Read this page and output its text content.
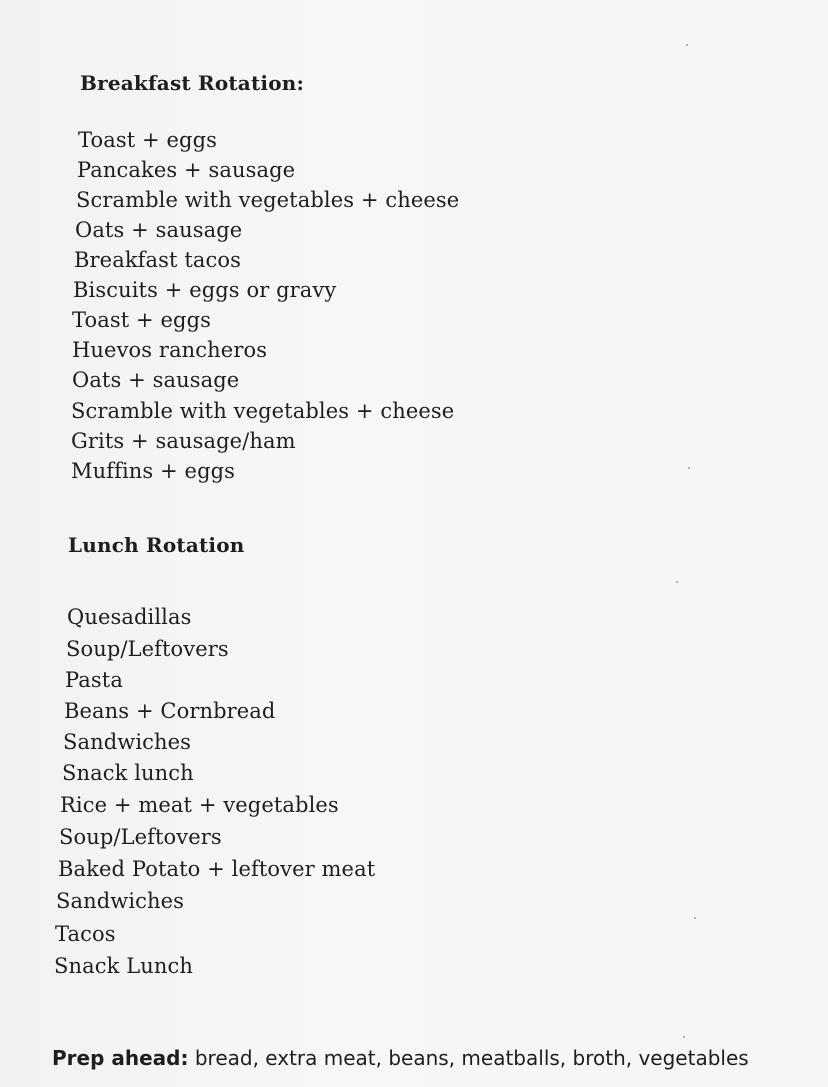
Breakfast Rotation:
Toast + eggs
Pancakes + sausage
Scramble with vegetables + cheese
Oats + sausage
Breakfast tacos
Biscuits + eggs or gravy
Toast + eggs
Huevos rancheros
Oats + sausage
Scramble with vegetables + cheese
Grits + sausage/ham
Muffins + eggs
Lunch Rotation
Quesadillas
Soup/Leftovers
Pasta
Beans + Cornbread
Sandwiches
Snack lunch
Rice + meat + vegetables
Soup/Leftovers
Baked Potato + leftover meat
Sandwiches
Tacos
Snack Lunch
Prep ahead: bread, extra meat, beans, meatballs, broth, vegetables
